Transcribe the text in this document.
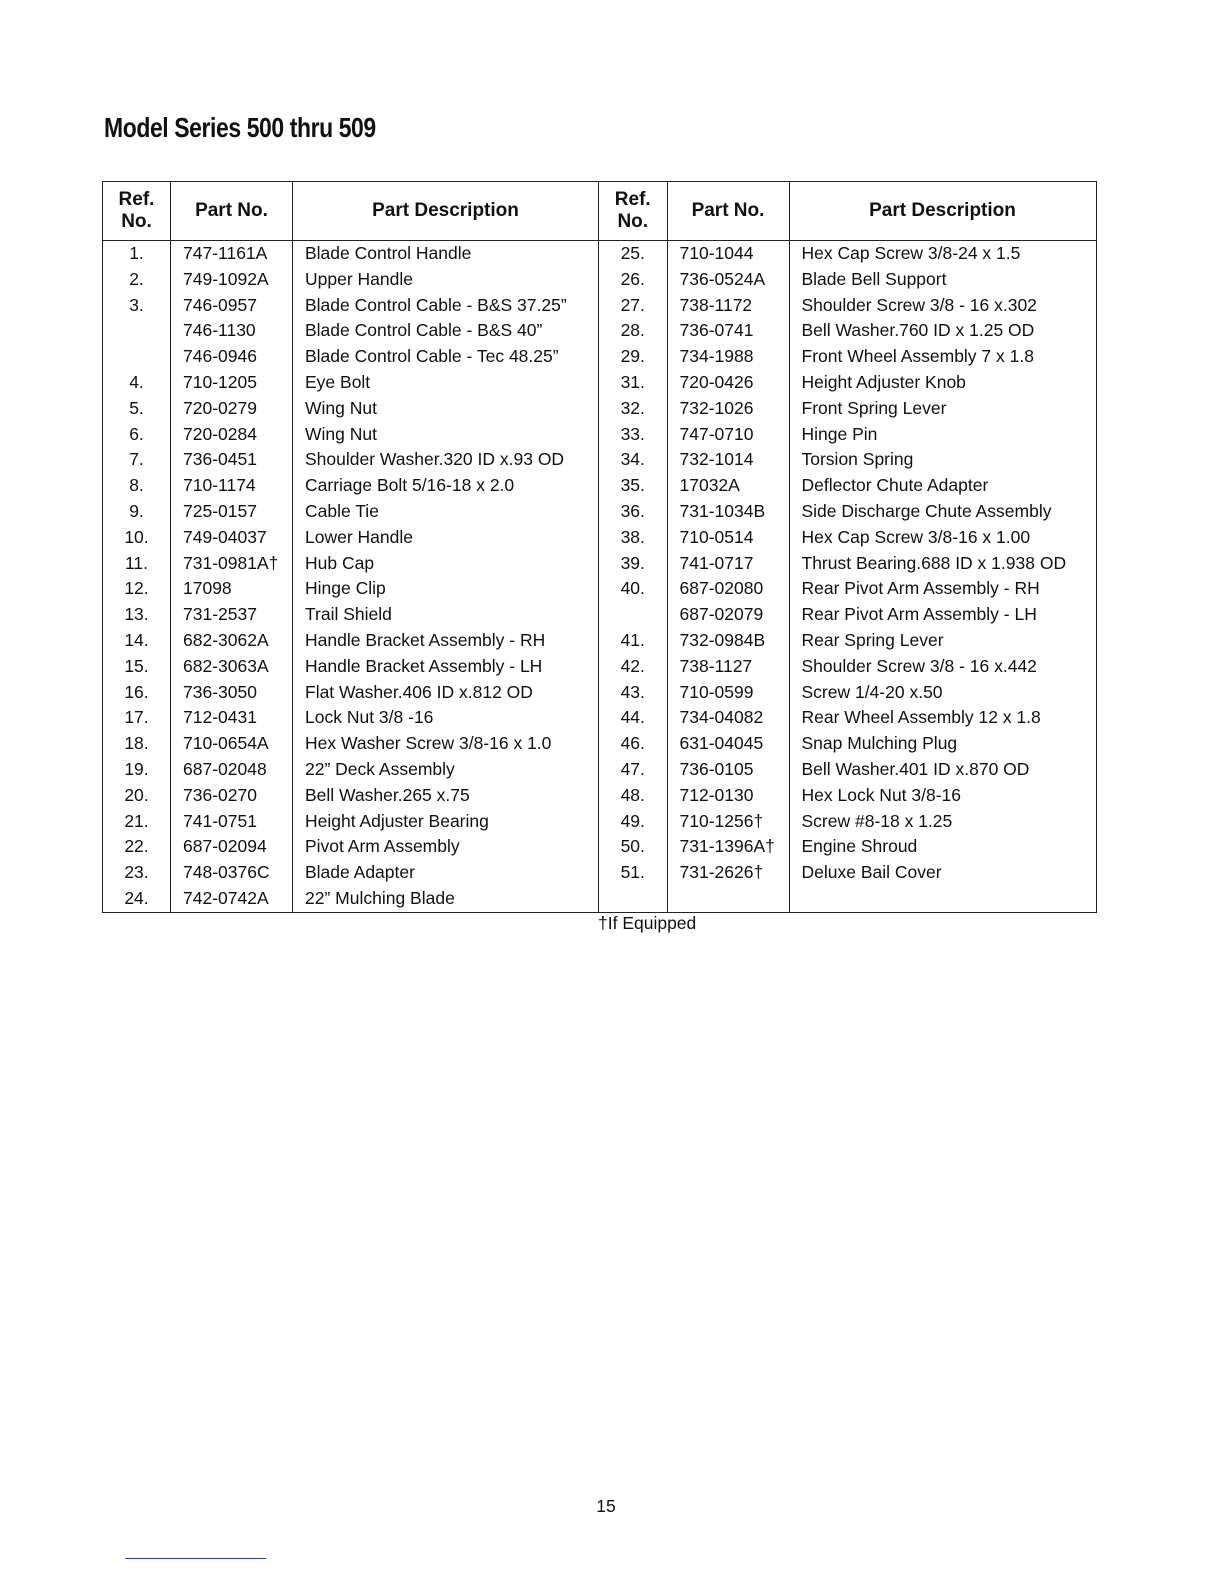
Model Series 500 thru 509
Ref. No.	Part No.	Part Description
1.	747-1161A	Blade Control Handle
2.	749-1092A	Upper Handle
3.	746-0957	Blade Control Cable - B&S 37.25”
	746-1130	Blade Control Cable - B&S 40”
	746-0946	Blade Control Cable - Tec 48.25”
4.	710-1205	Eye Bolt
5.	720-0279	Wing Nut
6.	720-0284	Wing Nut
7.	736-0451	Shoulder Washer.320 ID x.93 OD
8.	710-1174	Carriage Bolt 5/16-18 x 2.0
9.	725-0157	Cable Tie
10.	749-04037	Lower Handle
11.	731-0981A†	Hub Cap
12.	17098	Hinge Clip
13.	731-2537	Trail Shield
14.	682-3062A	Handle Bracket Assembly - RH
15.	682-3063A	Handle Bracket Assembly - LH
16.	736-3050	Flat Washer.406 ID x.812 OD
17.	712-0431	Lock Nut 3/8 -16
18.	710-0654A	Hex Washer Screw 3/8-16 x 1.0
19.	687-02048	22” Deck Assembly
20.	736-0270	Bell Washer.265 x.75
21.	741-0751	Height Adjuster Bearing
22.	687-02094	Pivot Arm Assembly
23.	748-0376C	Blade Adapter
24.	742-0742A	22” Mulching Blade
Ref. No.	Part No.	Part Description
25.	710-1044	Hex Cap Screw 3/8-24 x 1.5
26.	736-0524A	Blade Bell Support
27.	738-1172	Shoulder Screw 3/8 - 16 x.302
28.	736-0741	Bell Washer.760 ID x 1.25 OD
29.	734-1988	Front Wheel Assembly 7 x 1.8
31.	720-0426	Height Adjuster Knob
32.	732-1026	Front Spring Lever
33.	747-0710	Hinge Pin
34.	732-1014	Torsion Spring
35.	17032A	Deflector Chute Adapter
36.	731-1034B	Side Discharge Chute Assembly
38.	710-0514	Hex Cap Screw 3/8-16 x 1.00
39.	741-0717	Thrust Bearing.688 ID x 1.938 OD
40.	687-02080	Rear Pivot Arm Assembly - RH
	687-02079	Rear Pivot Arm Assembly - LH
41.	732-0984B	Rear Spring Lever
42.	738-1127	Shoulder Screw 3/8 - 16 x.442
43.	710-0599	Screw 1/4-20 x.50
44.	734-04082	Rear Wheel Assembly 12 x 1.8
46.	631-04045	Snap Mulching Plug
47.	736-0105	Bell Washer.401 ID x.870 OD
48.	712-0130	Hex Lock Nut 3/8-16
49.	710-1256†	Screw #8-18 x 1.25
50.	731-1396A†	Engine Shroud
51.	731-2626†	Deluxe Bail Cover

†If Equipped
15
